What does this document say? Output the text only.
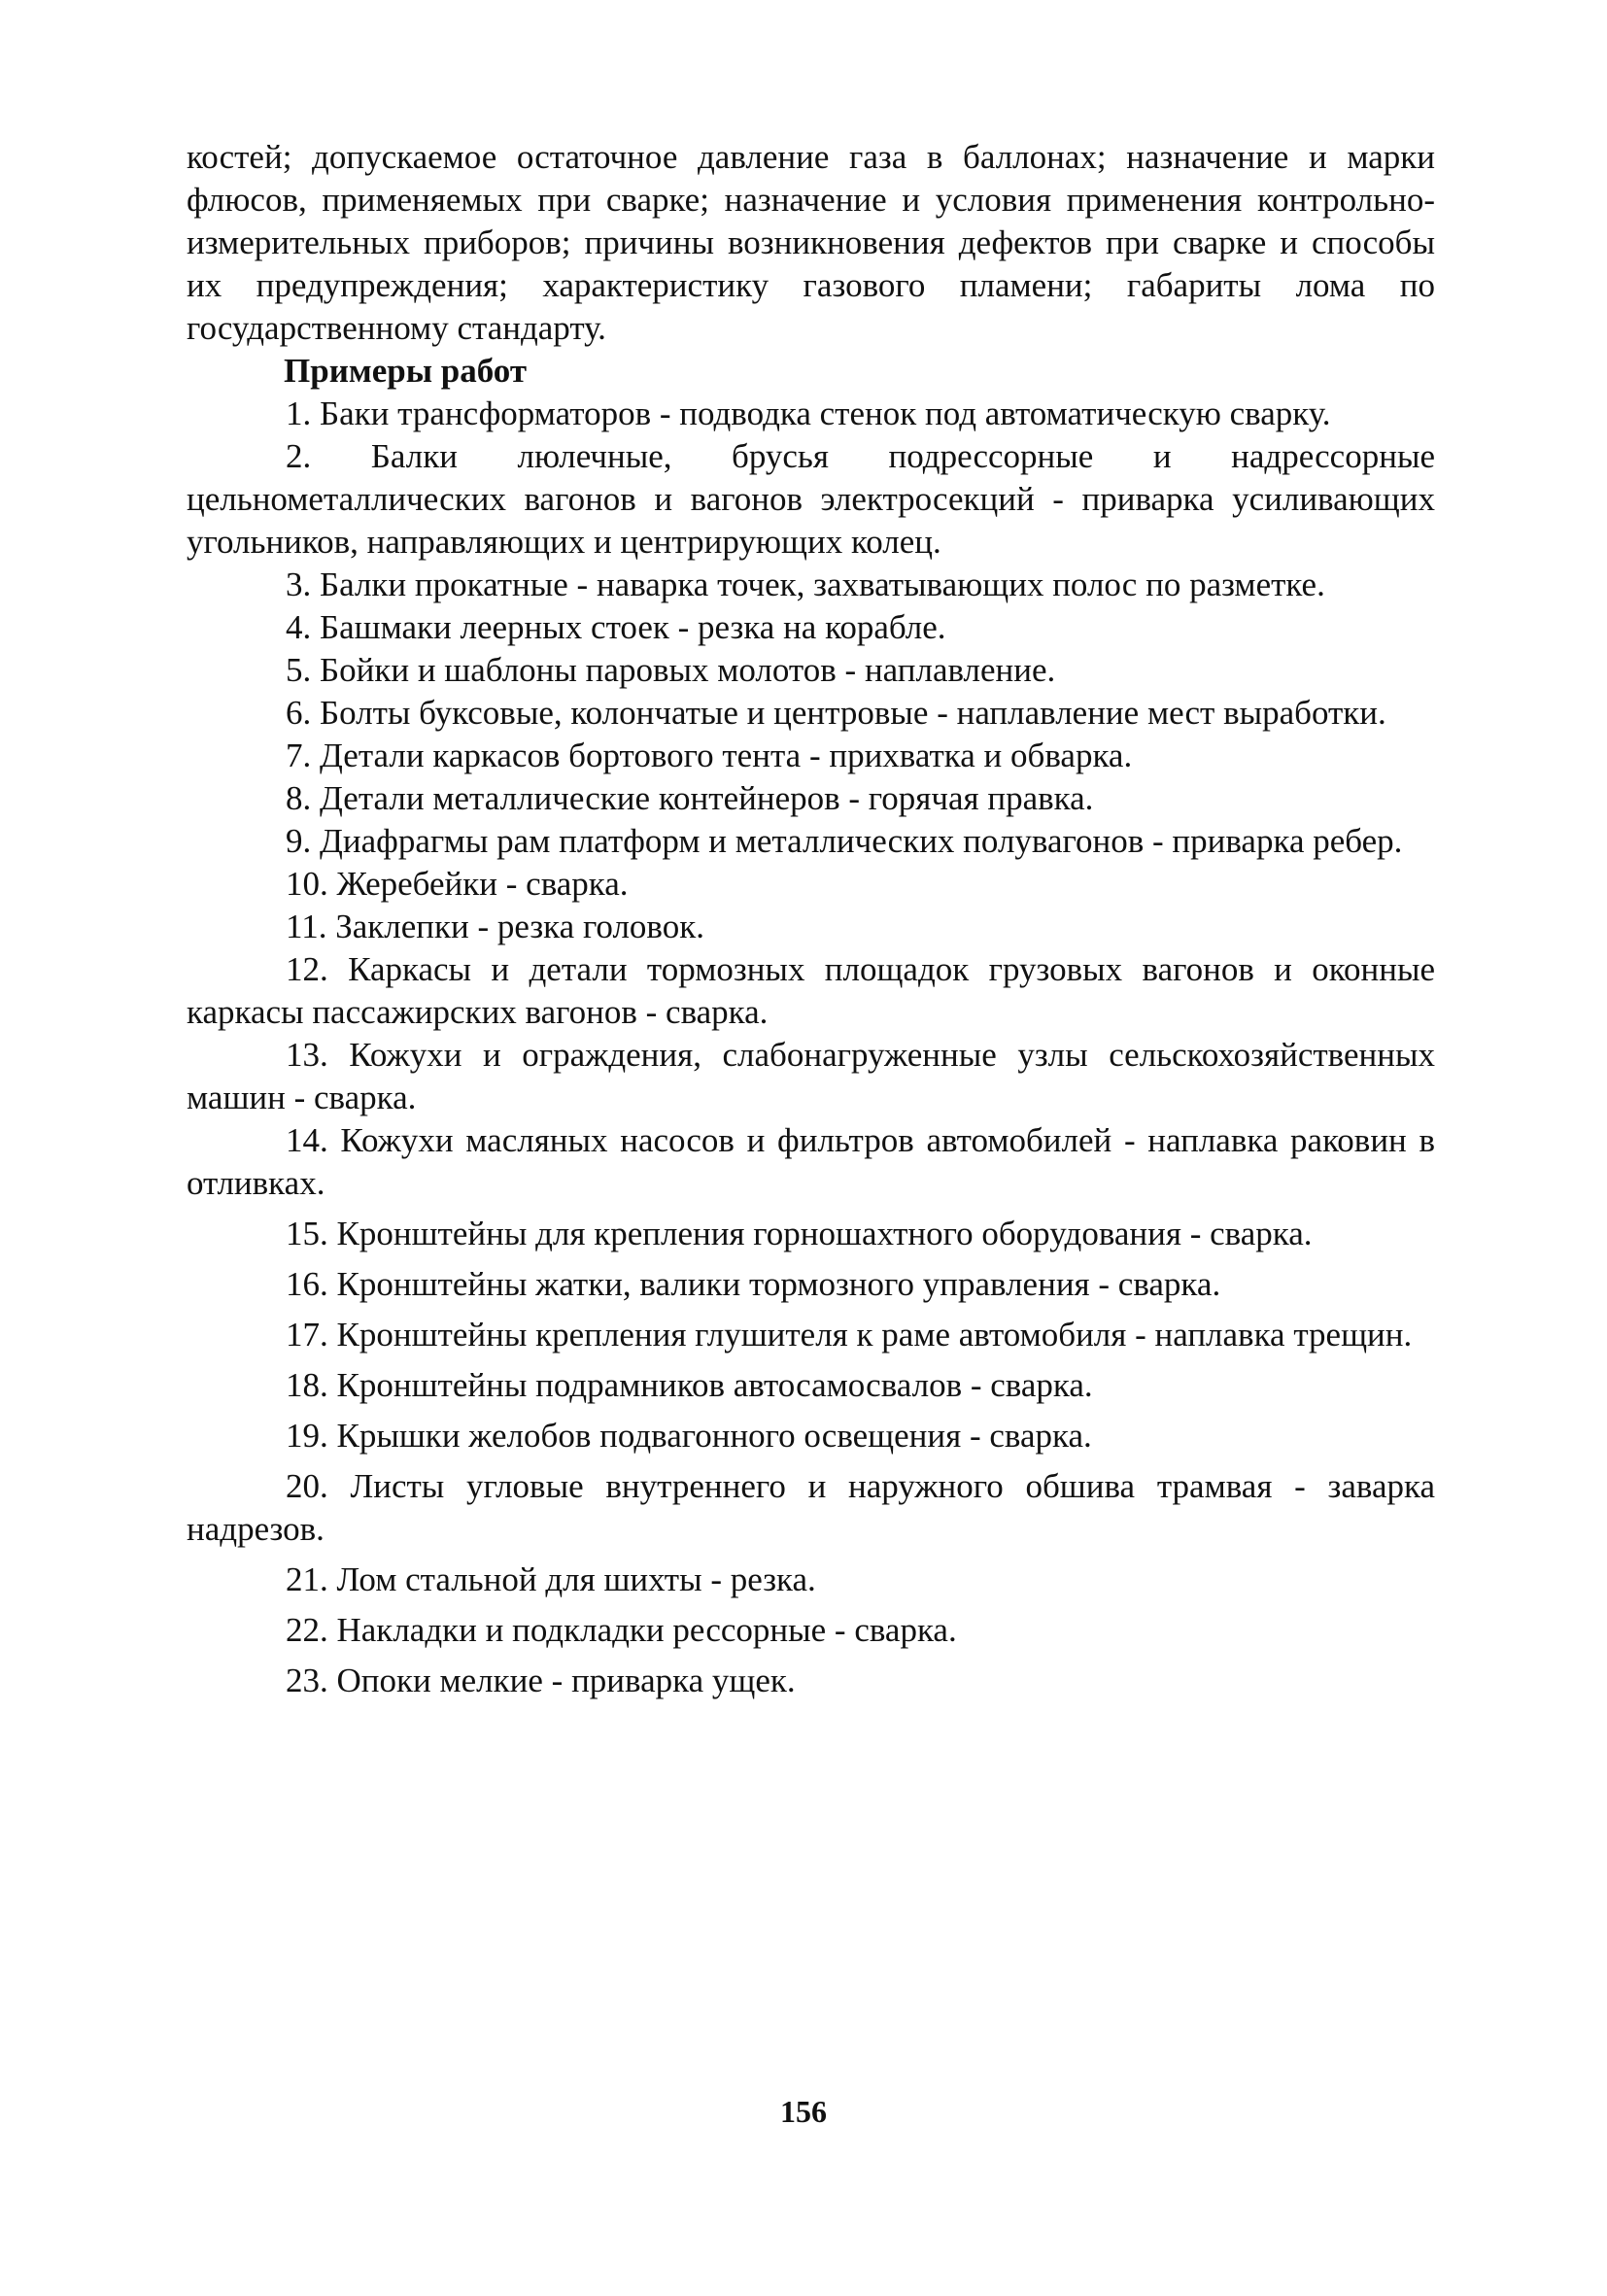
костей; допускаемое остаточное давление газа в баллонах; назначение и марки флюсов, применяемых при сварке; назначение и условия применения контрольно-измерительных приборов; причины возникновения дефектов при сварке и способы их предупреждения; характеристику газового пламени; габариты лома по государственному стандарту.

Примеры работ

1. Баки трансформаторов - подводка стенок под автоматическую сварку.
2. Балки люлечные, брусья подрессорные и надрессорные цельнометаллических вагонов и вагонов электросекций - приварка усиливающих угольников, направляющих и центрирующих колец.
3. Балки прокатные - наварка точек, захватывающих полос по разметке.
4. Башмаки леерных стоек - резка на корабле.
5. Бойки и шаблоны паровых молотов - наплавление.
6. Болты буксовые, колончатые и центровые - наплавление мест выработки.
7. Детали каркасов бортового тента - прихватка и обварка.
8. Детали металлические контейнеров - горячая правка.
9. Диафрагмы рам платформ и металлических полувагонов - приварка ребер.
10. Жеребейки - сварка.
11. Заклепки - резка головок.
12. Каркасы и детали тормозных площадок грузовых вагонов и оконные каркасы пассажирских вагонов - сварка.
13. Кожухи и ограждения, слабонагруженные узлы сельскохозяйственных машин - сварка.
14. Кожухи масляных насосов и фильтров автомобилей - наплавка раковин в отливках.
15. Кронштейны для крепления горношахтного оборудования - сварка.
16. Кронштейны жатки, валики тормозного управления - сварка.
17. Кронштейны крепления глушителя к раме автомобиля - наплавка трещин.
18. Кронштейны подрамников автосамосвалов - сварка.
19. Крышки желобов подвагонного освещения - сварка.
20. Листы угловые внутреннего и наружного обшива трамвая - заварка надрезов.
21. Лом стальной для шихты - резка.
22. Накладки и подкладки рессорные - сварка.
23. Опоки мелкие - приварка ущек.
156
